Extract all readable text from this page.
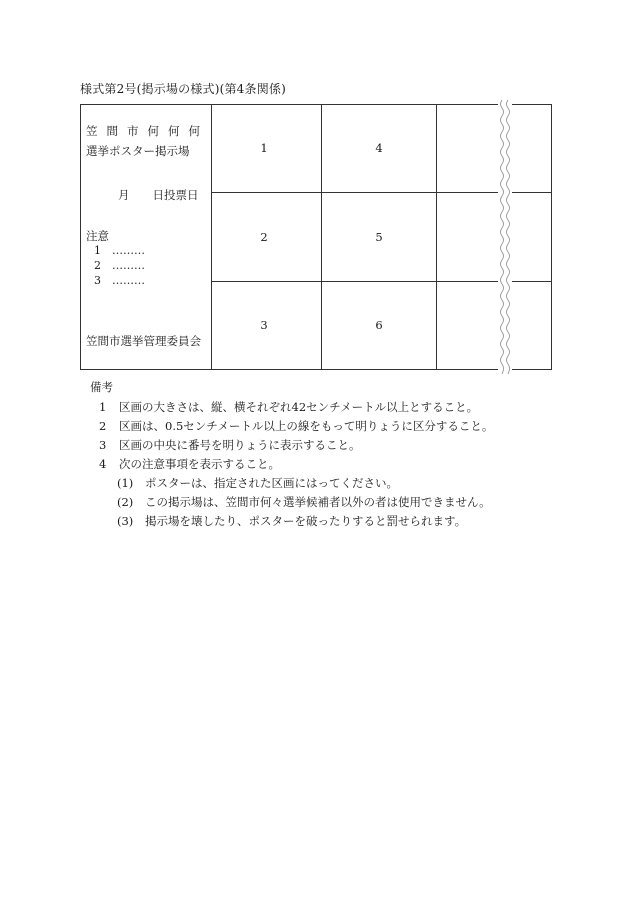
様式第2号(掲示場の様式)(第4条関係)
笠間市何何何
選挙ポスター掲示場
月　　日投票日
注意
1 ………
2 ………
3 ………
笠間市選挙管理委員会
1
2
3
4
5
6
備考
1 区画の大きさは、縦、横それぞれ42センチメートル以上とすること。
2 区画は、0.5センチメートル以上の線をもって明りょうに区分すること。
3 区画の中央に番号を明りょうに表示すること。
4 次の注意事項を表示すること。
(1) ポスターは、指定された区画にはってください。
(2) この掲示場は、笠間市何々選挙候補者以外の者は使用できません。
(3) 掲示場を壊したり、ポスターを破ったりすると罰せられます。
